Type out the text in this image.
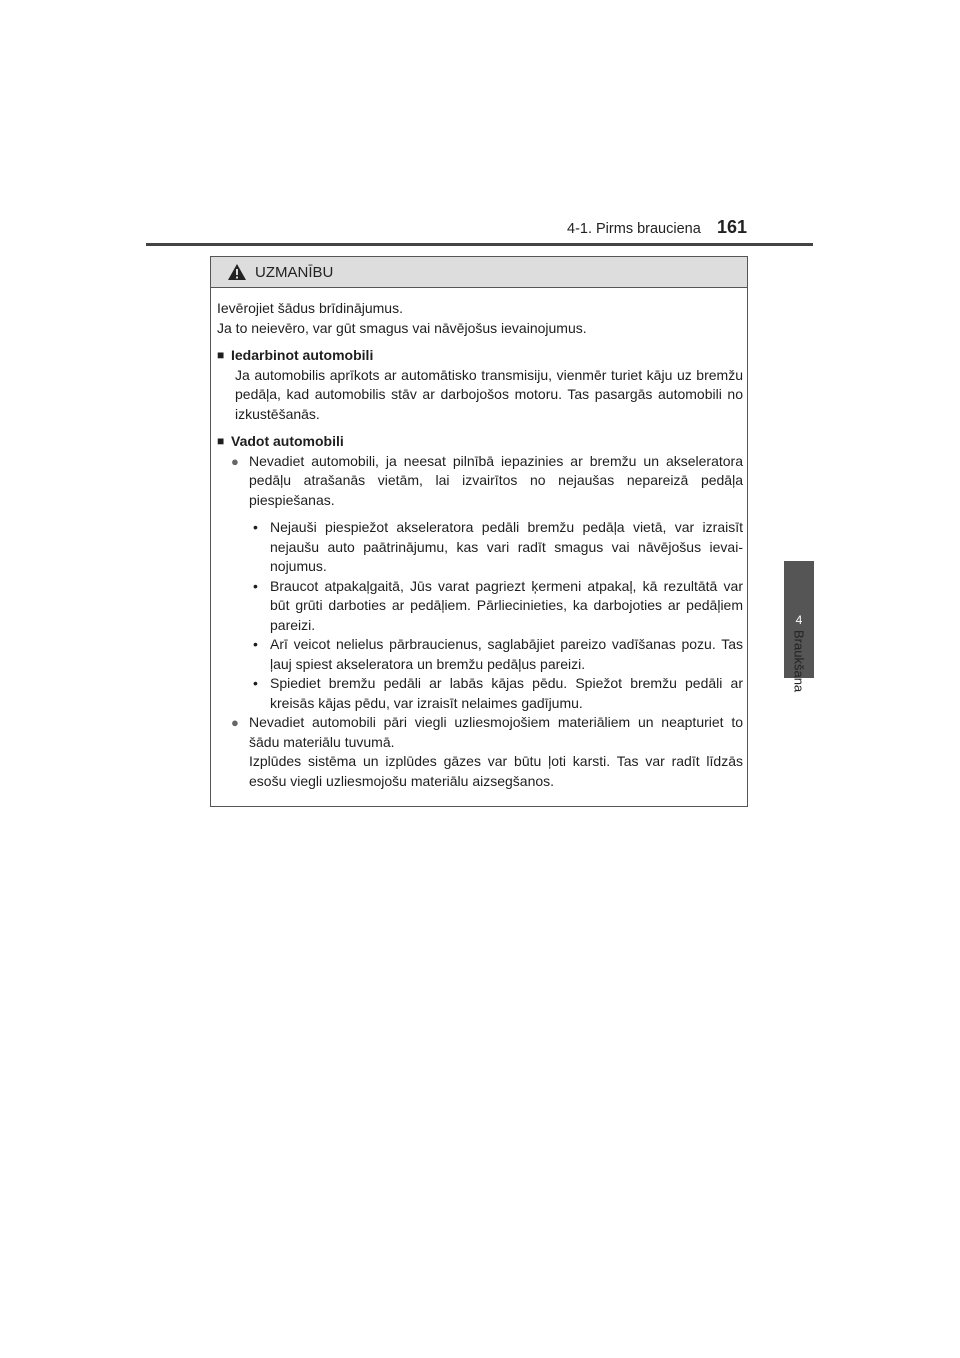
4-1. Pirms brauciena 161
4
Braukšana
UZMANĪBU

Ievērojiet šādus brīdinājumus.

Ja to neievēro, var gūt smagus vai nāvējošus ievainojumus.

■ Iedarbinot automobili

Ja automobilis aprīkots ar automātisko transmisiju, vienmēr turiet kāju uz bremžu pedāļa, kad automobilis stāv ar darbojošos motoru. Tas pasargās automobili no izkustēšanās.

■ Vadot automobili
● Nevadiet automobili, ja neesat pilnībā iepazinies ar bremžu un akseleratora pedāļu atrašanās vietām, lai izvairītos no nejaušas nepareizā pedāļa piespiešanas.
• Nejauši piespiežot akseleratora pedāli bremžu pedāļa vietā, var izraisīt nejaušu auto paātrinājumu, kas vari radīt smagus vai nāvējošus ievainojumus.
• Braucot atpakaļgaitā, Jūs varat pagriezt ķermeni atpakaļ, kā rezultātā var būt grūti darboties ar pedāļiem. Pārliecinieties, ka darbojoties ar pedāļiem pareizi.
• Arī veicot nelielus pārbraucienus, saglabājiet pareizo vadīšanas pozu. Tas ļauj spiest akseleratora un bremžu pedāļus pareizi.
• Spiediet bremžu pedāli ar labās kājas pēdu. Spiežot bremžu pedāli ar kreisās kājas pēdu, var izraisīt nelaimes gadījumu.
● Nevadiet automobili pāri viegli uzliesmojošiem materiāliem un neapturiet to šādu materiālu tuvumā.
Izplūdes sistēma un izplūdes gāzes var būtu ļoti karsti. Tas var radīt līdzās esošu viegli uzliesmojošu materiālu aizsegšanos.
